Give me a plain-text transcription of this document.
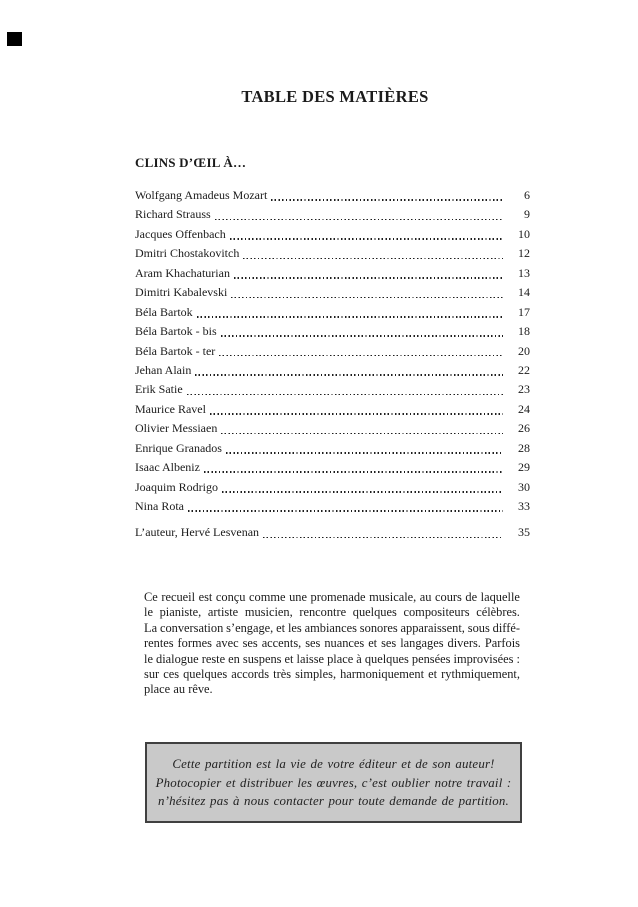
TABLE DES MATIÈRES
CLINS D’ŒIL À…
Wolfgang Amadeus Mozart	6
Richard Strauss	9
Jacques Offenbach	10
Dmitri Chostakovitch	12
Aram Khachaturian	13
Dimitri Kabalevski	14
Béla Bartok	17
Béla Bartok - bis	18
Béla Bartok - ter	20
Jehan Alain	22
Erik Satie	23
Maurice Ravel	24
Olivier Messiaen	26
Enrique Granados	28
Isaac Albeniz	29
Joaquim Rodrigo	30
Nina Rota	33
L’auteur, Hervé Lesvenan	35
Ce recueil est conçu comme une promenade musicale, au cours de laquelle
le pianiste, artiste musicien, rencontre quelques compositeurs célèbres.
La conversation s’engage, et les ambiances sonores apparaissent, sous diffé-
rentes formes avec ses accents, ses nuances et ses langages divers. Parfois
le dialogue reste en suspens et laisse place à quelques pensées improvisées :
sur ces quelques accords très simples, harmoniquement et rythmiquement,
place au rêve.
Cette partition est la vie de votre éditeur et de son auteur!
Photocopier et distribuer les œuvres, c’est oublier notre travail :
n’hésitez pas à nous contacter pour toute demande de partition.
